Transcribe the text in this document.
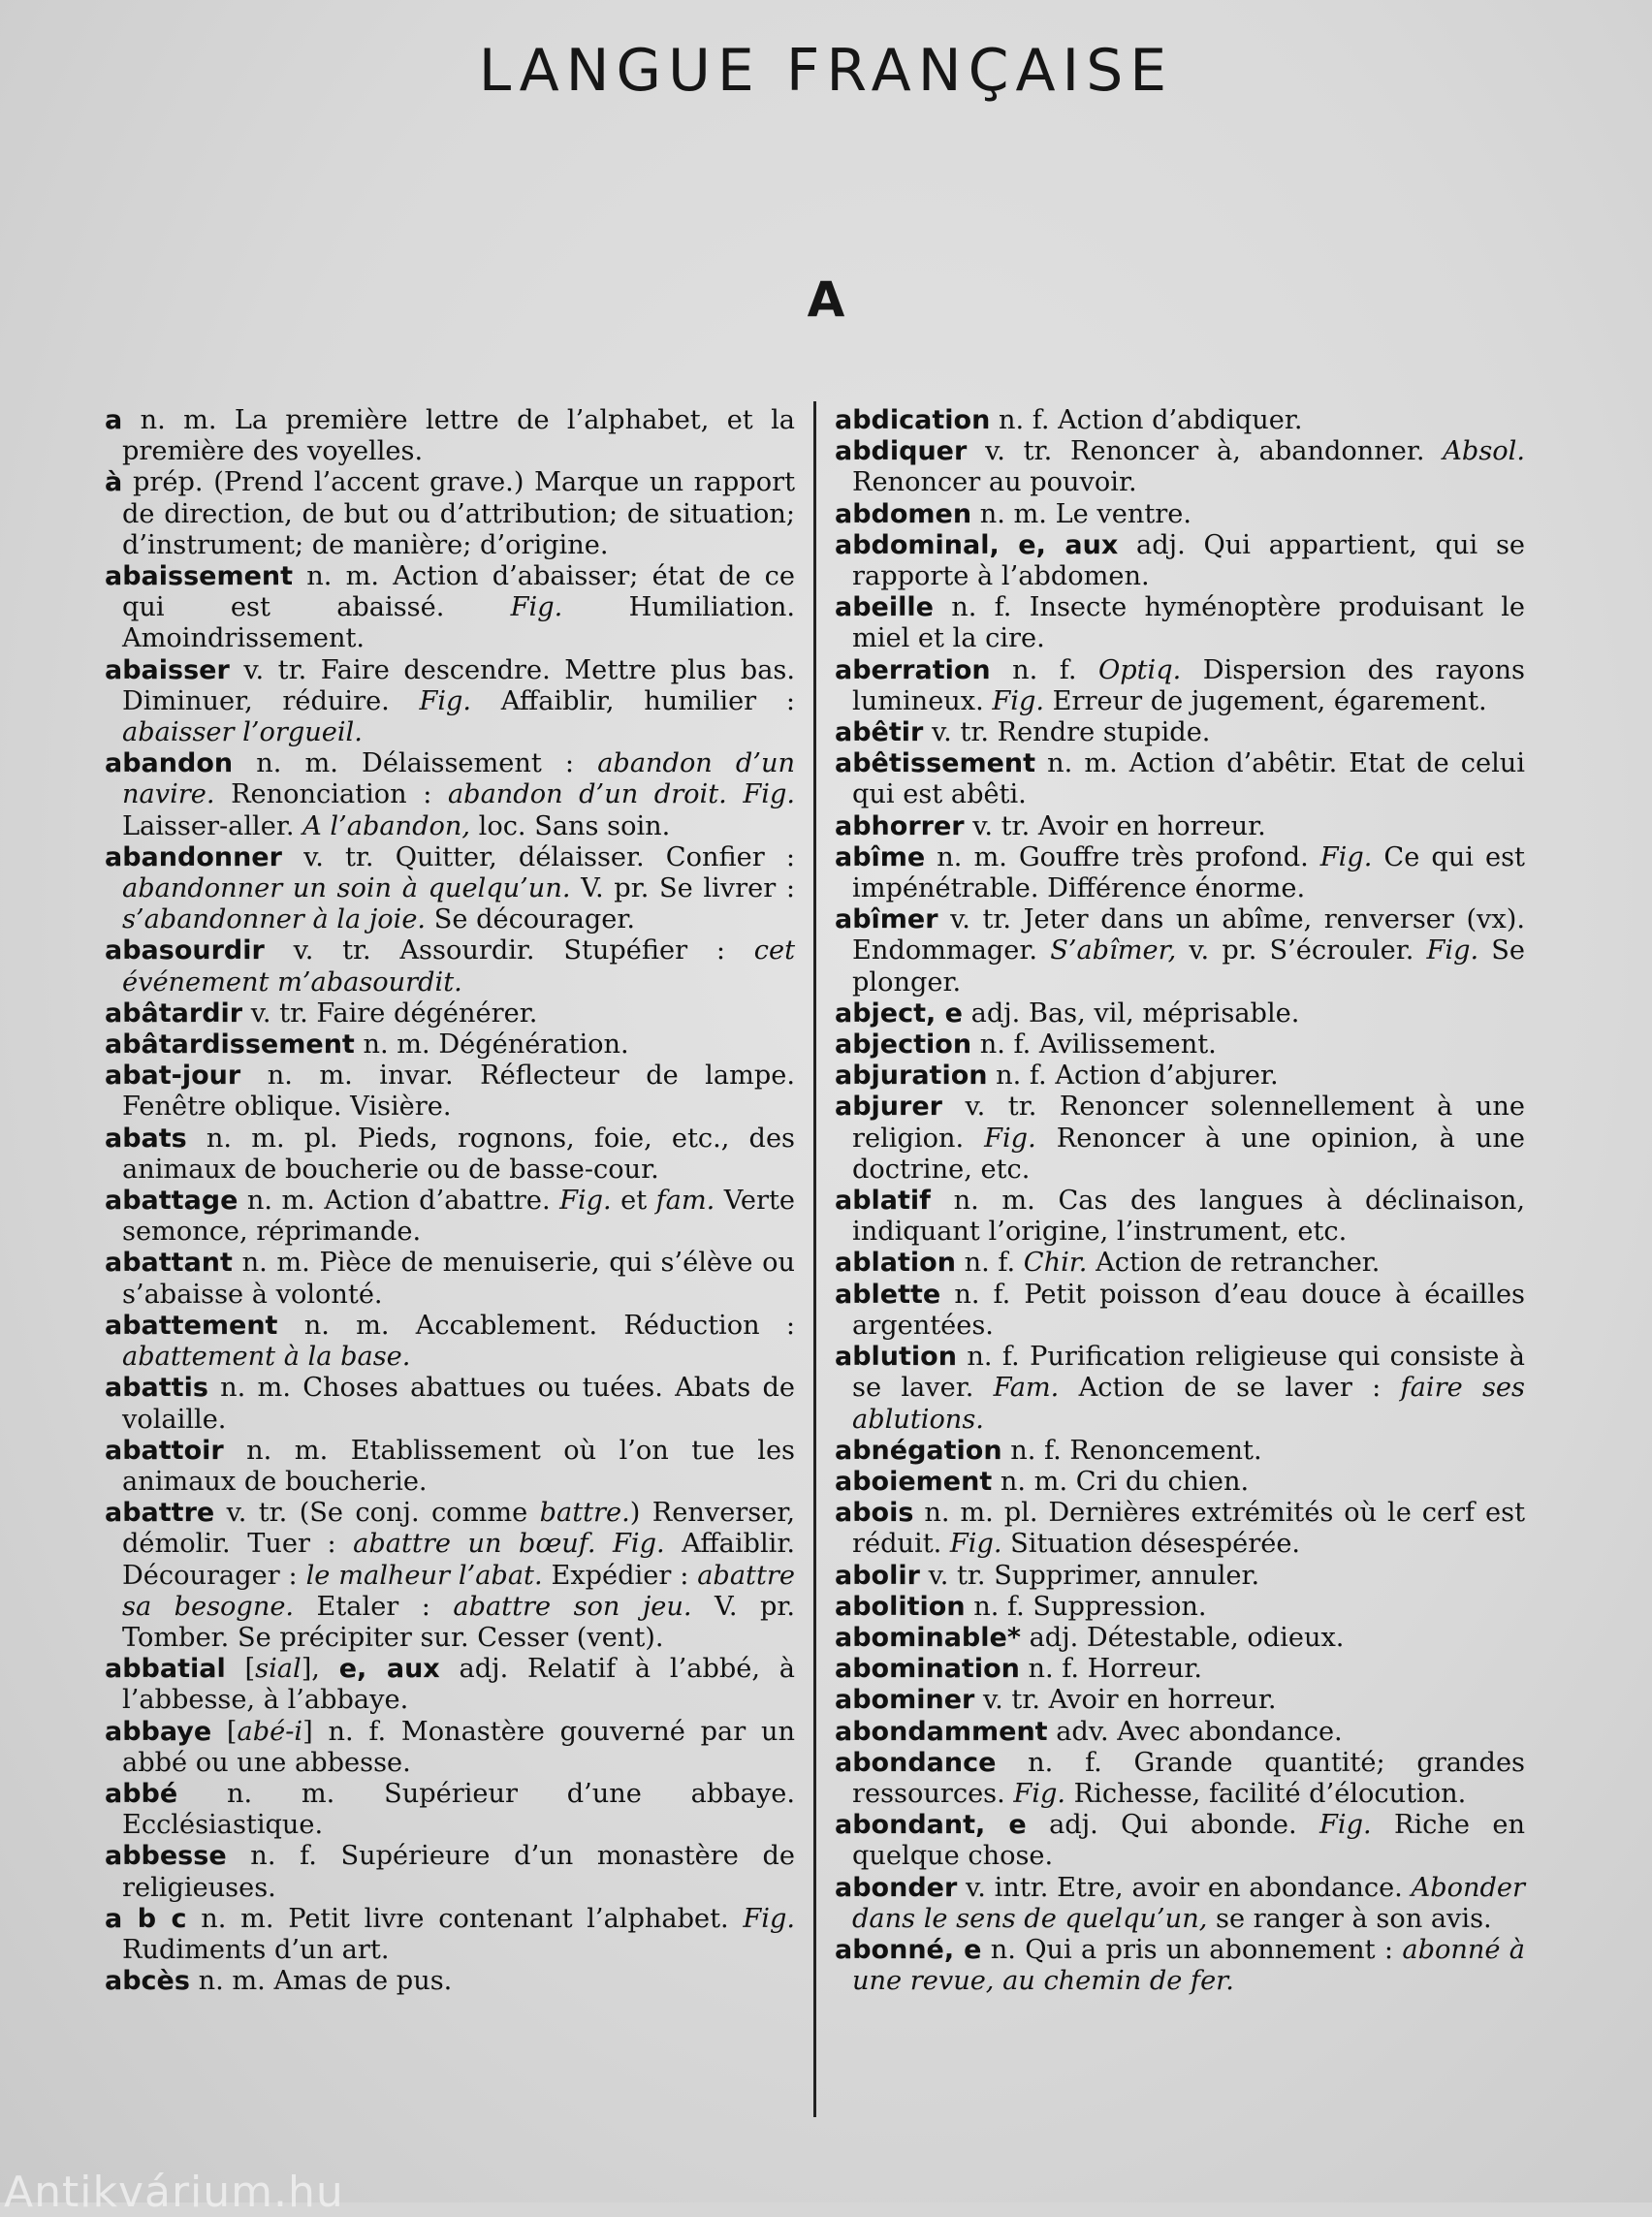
LANGUE FRANÇAISE
A

a n. m. La première lettre de l’alphabet, et la première des voyelles.

à prép. (Prend l’accent grave.) Marque un rapport de direction, de but ou d’attribution; de situation; d’instrument; de manière; d’origine.

abaissement n. m. Action d’abaisser; état de ce qui est abaissé. Fig. Humiliation. Amoindrissement.

abaisser v. tr. Faire descendre. Mettre plus bas. Diminuer, réduire. Fig. Affaiblir, humilier : abaisser l’orgueil.

abandon n. m. Délaissement : abandon d’un navire. Renonciation : abandon d’un droit. Fig. Laisser-aller. A l’abandon, loc. Sans soin.

abandonner v. tr. Quitter, délaisser. Confier : abandonner un soin à quelqu’un. V. pr. Se livrer : s’abandonner à la joie. Se décourager.

abasourdir v. tr. Assourdir. Stupéfier : cet événement m’abasourdit.

abâtardir v. tr. Faire dégénérer.

abâtardissement n. m. Dégénération.

abat-jour n. m. invar. Réflecteur de lampe. Fenêtre oblique. Visière.

abats n. m. pl. Pieds, rognons, foie, etc., des animaux de boucherie ou de basse-cour.

abattage n. m. Action d’abattre. Fig. et fam. Verte semonce, réprimande.

abattant n. m. Pièce de menuiserie, qui s’élève ou s’abaisse à volonté.

abattement n. m. Accablement. Réduction : abattement à la base.

abattis n. m. Choses abattues ou tuées. Abats de volaille.

abattoir n. m. Etablissement où l’on tue les animaux de boucherie.

abattre v. tr. (Se conj. comme battre.) Renverser, démolir. Tuer : abattre un bœuf. Fig. Affaiblir. Décourager : le malheur l’abat. Expédier : abattre sa besogne. Etaler : abattre son jeu. V. pr. Tomber. Se précipiter sur. Cesser (vent).

abbatial [sial], e, aux adj. Relatif à l’abbé, à l’abbesse, à l’abbaye.

abbaye [abé-i] n. f. Monastère gouverné par un abbé ou une abbesse.

abbé n. m. Supérieur d’une abbaye. Ecclésiastique.

abbesse n. f. Supérieure d’un monastère de religieuses.

a b c n. m. Petit livre contenant l’alphabet. Fig. Rudiments d’un art.

abcès n. m. Amas de pus.

abdication n. f. Action d’abdiquer.

abdiquer v. tr. Renoncer à, abandonner. Absol. Renoncer au pouvoir.

abdomen n. m. Le ventre.

abdominal, e, aux adj. Qui appartient, qui se rapporte à l’abdomen.

abeille n. f. Insecte hyménoptère produisant le miel et la cire.

aberration n. f. Optiq. Dispersion des rayons lumineux. Fig. Erreur de jugement, égarement.

abêtir v. tr. Rendre stupide.

abêtissement n. m. Action d’abêtir. Etat de celui qui est abêti.

abhorrer v. tr. Avoir en horreur.

abîme n. m. Gouffre très profond. Fig. Ce qui est impénétrable. Différence énorme.

abîmer v. tr. Jeter dans un abîme, renverser (vx). Endommager. S’abîmer, v. pr. S’écrouler. Fig. Se plonger.

abject, e adj. Bas, vil, méprisable.

abjection n. f. Avilissement.

abjuration n. f. Action d’abjurer.

abjurer v. tr. Renoncer solennellement à une religion. Fig. Renoncer à une opinion, à une doctrine, etc.

ablatif n. m. Cas des langues à déclinaison, indiquant l’origine, l’instrument, etc.

ablation n. f. Chir. Action de retrancher.

ablette n. f. Petit poisson d’eau douce à écailles argentées.

ablution n. f. Purification religieuse qui consiste à se laver. Fam. Action de se laver : faire ses ablutions.

abnégation n. f. Renoncement.

aboiement n. m. Cri du chien.

abois n. m. pl. Dernières extrémités où le cerf est réduit. Fig. Situation désespérée.

abolir v. tr. Supprimer, annuler.

abolition n. f. Suppression.

abominable* adj. Détestable, odieux.

abomination n. f. Horreur.

abominer v. tr. Avoir en horreur.

abondamment adv. Avec abondance.

abondance n. f. Grande quantité; grandes ressources. Fig. Richesse, facilité d’élocution.

abondant, e adj. Qui abonde. Fig. Riche en quelque chose.

abonder v. intr. Etre, avoir en abondance. Abonder dans le sens de quelqu’un, se ranger à son avis.

abonné, e n. Qui a pris un abonnement : abonné à une revue, au chemin de fer.

Antikvárium.hu
